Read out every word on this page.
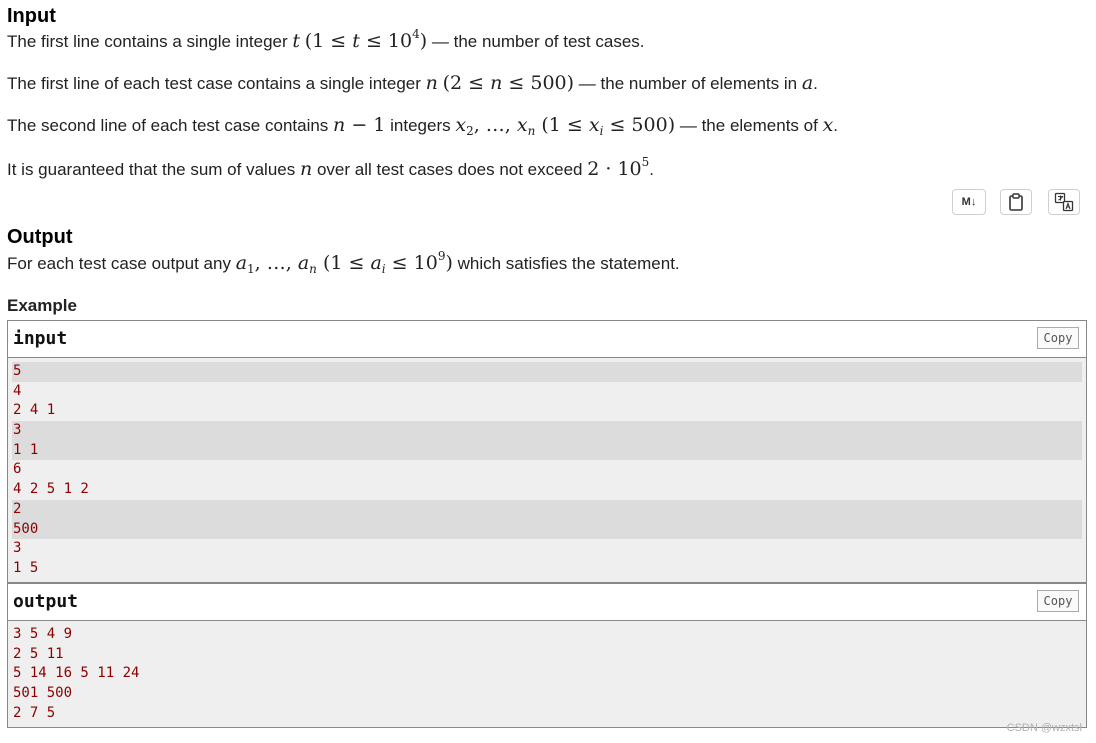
Input
The first line contains a single integer t $(1 \le t \le 10^4)$ — the number of test cases.
The first line of each test case contains a single integer n (2 ≤ n ≤ 500) — the number of elements in a.
The second line of each test case contains n − 1 integers $x_2$, …, $x_n$ $(1 \le x_i \le 500)$ — the elements of x.
It is guaranteed that the sum of values n over all test cases does not exceed $2 \cdot 10^5$.
M↓
Output
For each test case output any $a_1$, …, $a_n$ $(1 \le a_i \le 10^9)$ which satisfies the statement.
Example
input	Copy
5
4
2 4 1
3
1 1
6
4 2 5 1 2
2
500
3
1 5
output	Copy
3 5 4 9
2 5 11
5 14 16 5 11 24
501 500
2 7 5
CSDN @wzxtsl
